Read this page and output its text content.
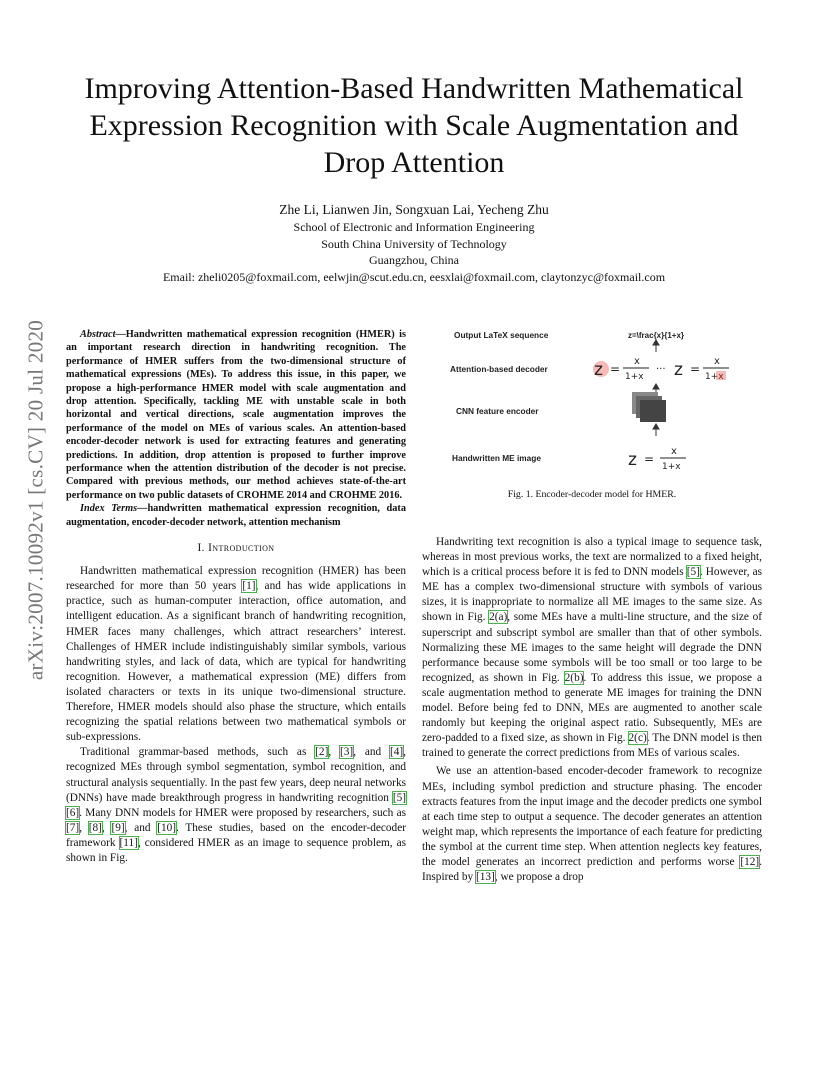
arXiv:2007.10092v1 [cs.CV] 20 Jul 2020
Improving Attention-Based Handwritten Mathematical Expression Recognition with Scale Augmentation and Drop Attention
Zhe Li, Lianwen Jin, Songxuan Lai, Yecheng Zhu
School of Electronic and Information Engineering
South China University of Technology
Guangzhou, China
Email: zheli0205@foxmail.com, eelwjin@scut.edu.cn, eesxlai@foxmail.com, claytonzyc@foxmail.com

Abstract—Handwritten mathematical expression recognition (HMER) is an important research direction in handwriting recognition. The performance of HMER suffers from the two-dimensional structure of mathematical expressions (MEs). To address this issue, in this paper, we propose a high-performance HMER model with scale augmentation and drop attention. Specifically, tackling ME with unstable scale in both horizontal and vertical directions, scale augmentation improves the performance of the model on MEs of various scales. An attention-based encoder-decoder network is used for extracting features and generating predictions. In addition, drop attention is proposed to further improve performance when the attention distribution of the decoder is not precise. Compared with previous methods, our method achieves state-of-the-art performance on two public datasets of CROHME 2014 and CROHME 2016.

Index Terms—handwritten mathematical expression recognition, data augmentation, encoder-decoder network, attention mechanism

I. Introduction

Handwritten mathematical expression recognition (HMER) has been researched for more than 50 years [1], and has wide applications in practice, such as human-computer interaction, office automation, and intelligent education. As a significant branch of handwriting recognition, HMER faces many challenges, which attract researchers’ interest. Challenges of HMER include indistinguishably similar symbols, various handwriting styles, and lack of data, which are typical for handwriting recognition. However, a mathematical expression (ME) differs from isolated characters or texts in its unique two-dimensional structure. Therefore, HMER models should also phase the structure, which entails recognizing the spatial relations between two mathematical symbols or sub-expressions.

Traditional grammar-based methods, such as [2], [3], and [4], recognized MEs through symbol segmentation, symbol recognition, and structural analysis sequentially. In the past few years, deep neural networks (DNNs) have made breakthrough progress in handwriting recognition [5] [6]. Many DNN models for HMER were proposed by researchers, such as [7], [8], [9], and [10]. These studies, based on the encoder-decoder framework [11], considered HMER as an image to sequence problem, as shown in Fig.

Output LaTeX sequence
Attention-based decoder
CNN feature encoder
Handwritten ME image
z=\frac{x}{1+x}
z =
x
1+x
··· z =
x
1+x
z =
x
1+x
Fig. 1. Encoder-decoder model for HMER.

Handwriting text recognition is also a typical image to sequence task, whereas in most previous works, the text are normalized to a fixed height, which is a critical process before it is fed to DNN models [5]. However, as ME has a complex two-dimensional structure with symbols of various sizes, it is inappropriate to normalize all ME images to the same size. As shown in Fig. 2(a), some MEs have a multi-line structure, and the size of superscript and subscript symbol are smaller than that of other symbols. Normalizing these ME images to the same height will degrade the DNN performance because some symbols will be too small or too large to be recognized, as shown in Fig. 2(b). To address this issue, we propose a scale augmentation method to generate ME images for training the DNN model. Before being fed to DNN, MEs are augmented to another scale randomly but keeping the original aspect ratio. Subsequently, MEs are zero-padded to a fixed size, as shown in Fig. 2(c). The DNN model is then trained to generate the correct predictions from MEs of various scales.

We use an attention-based encoder-decoder framework to recognize MEs, including symbol prediction and structure phasing. The encoder extracts features from the input image and the decoder predicts one symbol at each time step to output a sequence. The decoder generates an attention weight map, which represents the importance of each feature for predicting the symbol at the current time step. When attention neglects key features, the model generates an incorrect prediction and performs worse [12]. Inspired by [13], we propose a drop
